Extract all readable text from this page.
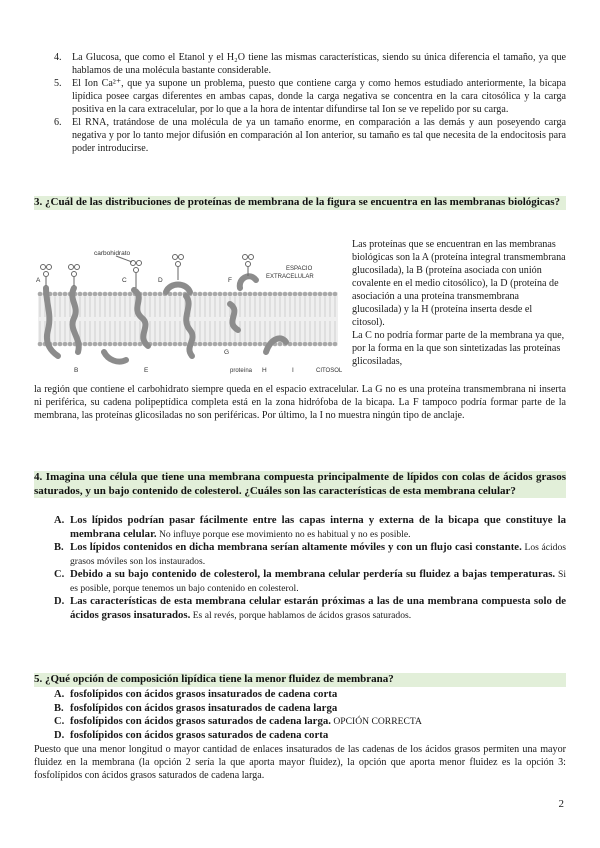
4. La Glucosa, que como el Etanol y el H₂O tiene las mismas características, siendo su única diferencia el tamaño, ya que hablamos de una molécula bastante considerable.
5. El Ion Ca²⁺, que ya supone un problema, puesto que contiene carga y como hemos estudiado anteriormente, la bicapa lipídica posee cargas diferentes en ambas capas, donde la carga negativa se concentra en la cara citosólica y la carga positiva en la cara extracelular, por lo que a la hora de intentar difundirse tal Ion se ve repelido por su carga.
6. El RNA, tratándose de una molécula de ya un tamaño enorme, en comparación a las demás y aun poseyendo carga negativa y por lo tanto mejor difusión en comparación al Ion anterior, su tamaño es tal que necesita de la endocitosis para poder introducirse.
3. ¿Cuál de las distribuciones de proteínas de membrana de la figura se encuentra en las membranas biológicas?
carbohidrato
ESPACIO
EXTRACELULAR
CITOSOL
proteína
A	C	D	F
B	E
G
H	I
Las proteínas que se encuentran en las membranas biológicas son la A (proteína integral transmembrana glucosilada), la B (proteína asociada con unión covalente en el medio citosólico), la D (proteína de asociación a una proteína transmembrana glucosilada) y la H (proteína inserta desde el citosol).
La C no podría formar parte de la membrana ya que, por la forma en la que son sintetizadas las proteínas glicosiladas,
la región que contiene el carbohidrato siempre queda en el espacio extracelular. La G no es una proteína transmembrana ni inserta ni periférica, su cadena polipeptídica completa está en la zona hidrófoba de la bicapa. La F tampoco podría formar parte de la membrana, las proteínas glicosiladas no son periféricas. Por último, la I no muestra ningún tipo de anclaje.
4. Imagina una célula que tiene una membrana compuesta principalmente de lípidos con colas de ácidos grasos saturados, y un bajo contenido de colesterol. ¿Cuáles son las características de esta membrana celular?
A. Los lípidos podrían pasar fácilmente entre las capas interna y externa de la bicapa que constituye la membrana celular. No influye porque ese movimiento no es habitual y no es posible.
B. Los lípidos contenidos en dicha membrana serían altamente móviles y con un flujo casi constante. Los ácidos grasos móviles son los instaurados.
C. Debido a su bajo contenido de colesterol, la membrana celular perdería su fluidez a bajas temperaturas. Si es posible, porque tenemos un bajo contenido en colesterol.
D. Las características de esta membrana celular estarán próximas a las de una membrana compuesta solo de ácidos grasos insaturados. Es al revés, porque hablamos de ácidos grasos saturados.
5. ¿Qué opción de composición lipídica tiene la menor fluidez de membrana?
A. fosfolípidos con ácidos grasos insaturados de cadena corta
B. fosfolípidos con ácidos grasos insaturados de cadena larga
C. fosfolípidos con ácidos grasos saturados de cadena larga. OPCIÓN CORRECTA
D. fosfolípidos con ácidos grasos saturados de cadena corta
Puesto que una menor longitud o mayor cantidad de enlaces insaturados de las cadenas de los ácidos grasos permiten una mayor fluidez en la membrana (la opción 2 sería la que aporta mayor fluidez), la opción que aporta menor fluidez es la opción 3: fosfolípidos con ácidos grasos saturados de cadena larga.
2
